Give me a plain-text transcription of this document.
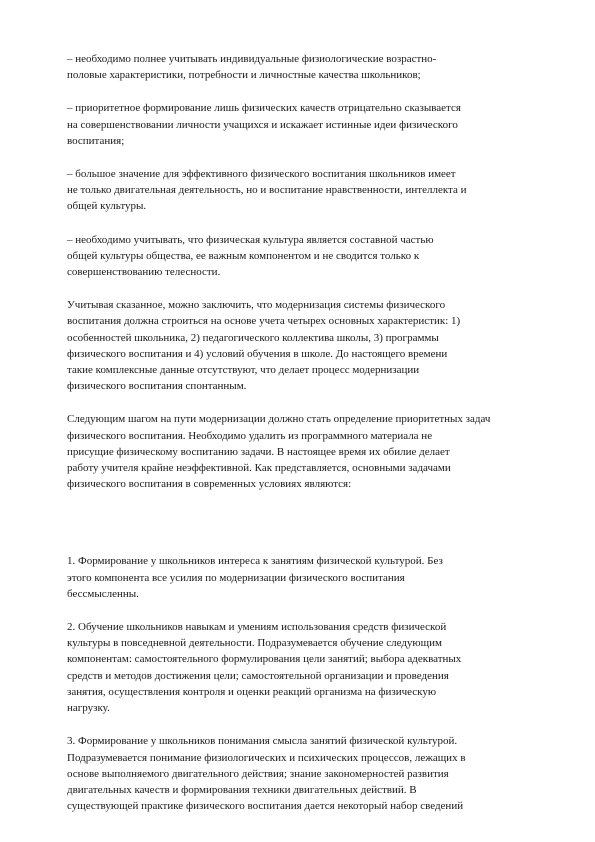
– необходимо полнее учитывать индивидуальные физиологические возрастно-
половые характеристики, потребности и личностные качества школьников;

– приоритетное формирование лишь физических качеств отрицательно сказывается
на совершенствовании личности учащихся и искажает истинные идеи физического
воспитания;

– большое значение для эффективного физического воспитания школьников имеет
не только двигательная деятельность, но и воспитание нравственности, интеллекта и
общей культуры.

– необходимо учитывать, что физическая культура является составной частью
общей культуры общества, ее важным компонентом и не сводится только к
совершенствованию телесности.

Учитывая сказанное, можно заключить, что модернизация системы физического
воспитания должна строиться на основе учета четырех основных характеристик: 1)
особенностей школьника, 2) педагогического коллектива школы, 3) программы
физического воспитания и 4) условий обучения в школе. До настоящего времени
такие комплексные данные отсутствуют, что делает процесс модернизации
физического воспитания спонтанным.

Следующим шагом на пути модернизации должно стать определение приоритетных задач
физического воспитания. Необходимо удалить из программного материала не
присущие физическому воспитанию задачи. В настоящее время их обилие делает
работу учителя крайне неэффективной. Как представляется, основными задачами
физического воспитания в современных условиях являются:

1. Формирование у школьников интереса к занятиям физической культурой. Без
этого компонента все усилия по модернизации физического воспитания
бессмысленны.

2. Обучение школьников навыкам и умениям использования средств физической
культуры в повседневной деятельности. Подразумевается обучение следующим
компонентам: самостоятельного формулирования цели занятий; выбора адекватных
средств и методов достижения цели; самостоятельной организации и проведения
занятия, осуществления контроля и оценки реакций организма на физическую
нагрузку.

3. Формирование у школьников понимания смысла занятий физической культурой.
Подразумевается понимание физиологических и психических процессов, лежащих в
основе выполняемого двигательного действия; знание закономерностей развития
двигательных качеств и формирования техники двигательных действий. В
существующей практике физического воспитания дается некоторый набор сведений
